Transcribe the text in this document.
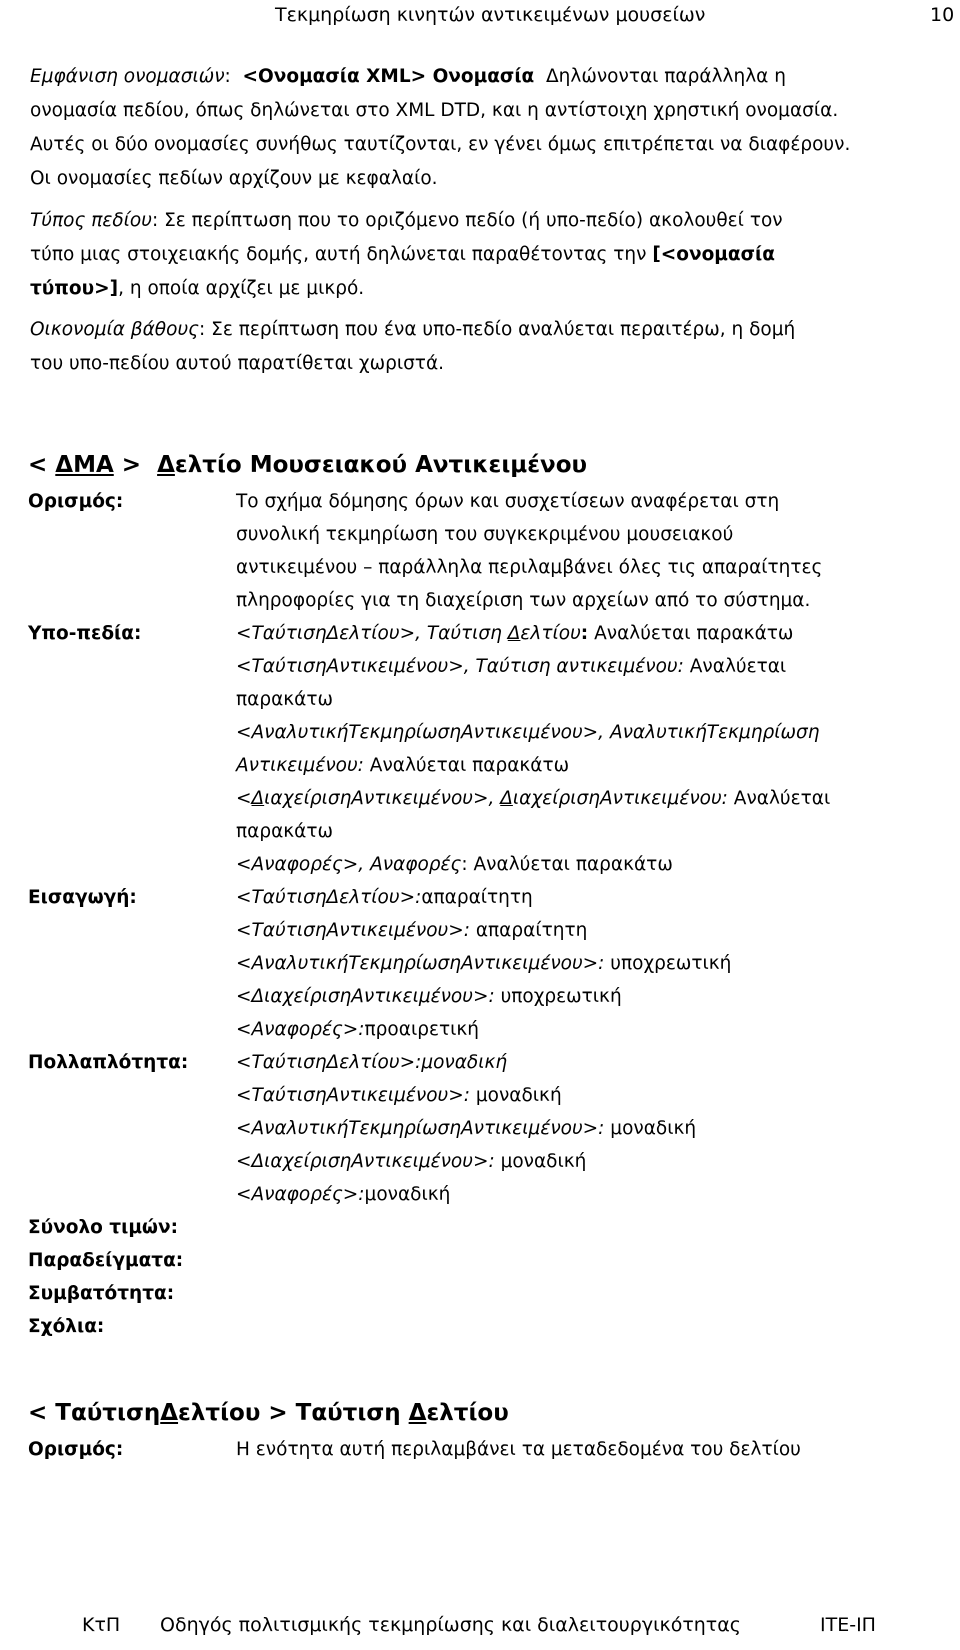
Τεκμηρίωση κινητών αντικειμένων μουσείων	10
Εμφάνιση ονομασιών: <Ονομασία XML> Ονομασία Δηλώνονται παράλληλα η
ονομασία πεδίου, όπως δηλώνεται στο XML DTD, και η αντίστοιχη χρηστική ονομασία.
Αυτές οι δύο ονομασίες συνήθως ταυτίζονται, εν γένει όμως επιτρέπεται να διαφέρουν.
Οι ονομασίες πεδίων αρχίζουν με κεφαλαίο.
Τύπος πεδίου: Σε περίπτωση που το οριζόμενο πεδίο (ή υπο-πεδίο) ακολουθεί τον
τύπο μιας στοιχειακής δομής, αυτή δηλώνεται παραθέτοντας την [<ονομασία
τύπου>], η οποία αρχίζει με μικρό.
Οικονομία βάθους: Σε περίπτωση που ένα υπο-πεδίο αναλύεται περαιτέρω, η δομή
του υπο-πεδίου αυτού παρατίθεται χωριστά.
< ΔΜΑ >  Δελτίο Μουσειακού Αντικειμένου
Ορισμός:	Το σχήμα δόμησης όρων και συσχετίσεων αναφέρεται στη
συνολική τεκμηρίωση του συγκεκριμένου μουσειακού
αντικειμένου – παράλληλα περιλαμβάνει όλες τις απαραίτητες
πληροφορίες για τη διαχείριση των αρχείων από το σύστημα.
Υπο-πεδία:	<ΤαύτισηΔελτίου>, Ταύτιση Δελτίου: Αναλύεται παρακάτω
<ΤαύτισηΑντικειμένου>, Ταύτιση αντικειμένου: Αναλύεται
παρακάτω
<ΑναλυτικήΤεκμηρίωσηΑντικειμένου>, ΑναλυτικήΤεκμηρίωση
Αντικειμένου: Αναλύεται παρακάτω
<ΔιαχείρισηΑντικειμένου>, ΔιαχείρισηΑντικειμένου: Αναλύεται
παρακάτω
<Αναφορές>, Αναφορές: Αναλύεται παρακάτω
Εισαγωγή:	<ΤαύτισηΔελτίου>:απαραίτητη
<ΤαύτισηΑντικειμένου>: απαραίτητη
<ΑναλυτικήΤεκμηρίωσηΑντικειμένου>: υποχρεωτική
<ΔιαχείρισηΑντικειμένου>: υποχρεωτική
<Αναφορές>:προαιρετική
Πολλαπλότητα:	<ΤαύτισηΔελτίου>:μοναδική
<ΤαύτισηΑντικειμένου>: μοναδική
<ΑναλυτικήΤεκμηρίωσηΑντικειμένου>: μοναδική
<ΔιαχείρισηΑντικειμένου>: μοναδική
<Αναφορές>:μοναδική
Σύνολο τιμών:
Παραδείγματα:
Συμβατότητα:
Σχόλια:
< ΤαύτισηΔελτίου > Ταύτιση Δελτίου
Ορισμός:	Η ενότητα αυτή περιλαμβάνει τα μεταδεδομένα του δελτίου
ΚτΠ Οδηγός πολιτισμικής τεκμηρίωσης και διαλειτουργικότητας	ΙΤΕ-ΙΠ
